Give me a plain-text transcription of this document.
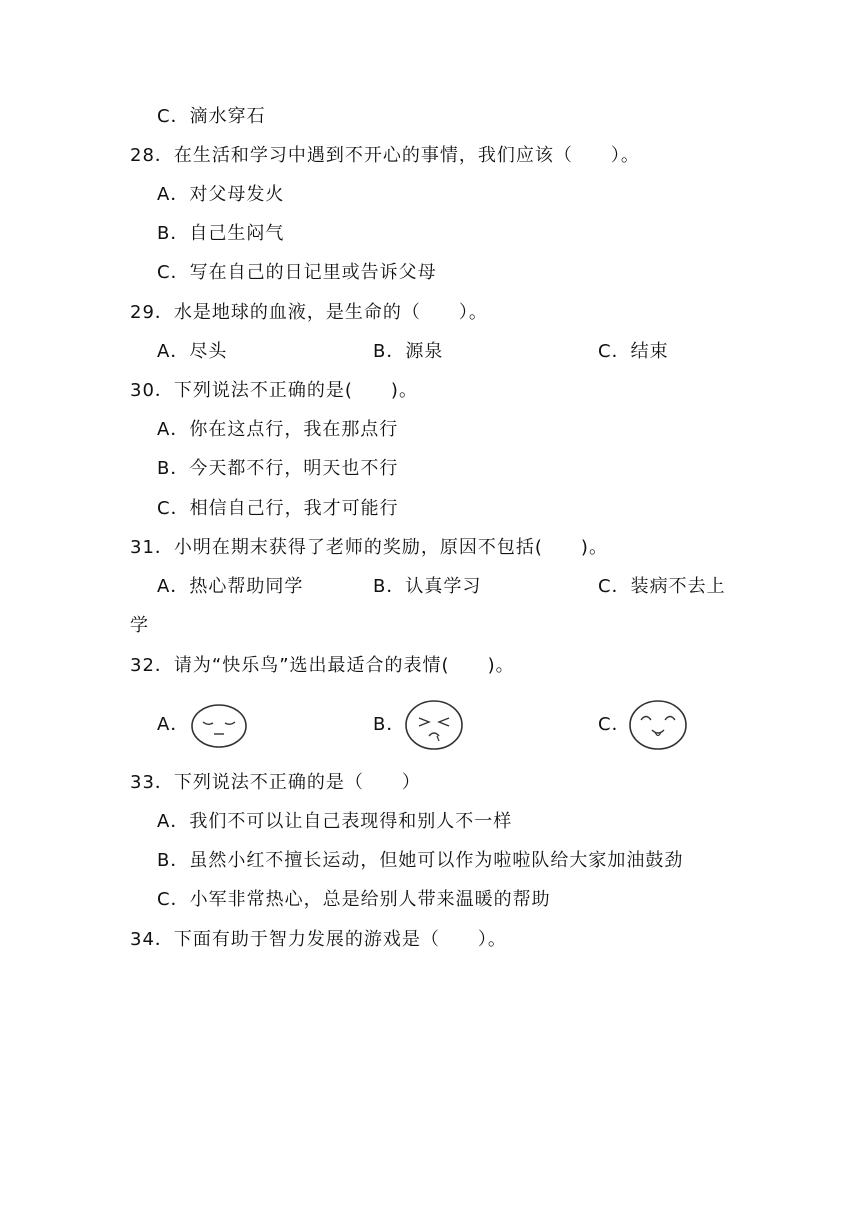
C．滴水穿石
28．在生活和学习中遇到不开心的事情，我们应该（　　）。
A．对父母发火
B．自己生闷气
C．写在自己的日记里或告诉父母
29．水是地球的血液，是生命的（　　）。
A．尽头	B．源泉	C．结束
30．下列说法不正确的是(　　)。
A．你在这点行，我在那点行
B．今天都不行，明天也不行
C．相信自己行，我才可能行
31．小明在期末获得了老师的奖励，原因不包括(　　)。
A．热心帮助同学	B．认真学习	C．装病不去上
学
32．请为“快乐鸟”选出最适合的表情(　　)。
A．	B．	C．
33．下列说法不正确的是（　　）
A．我们不可以让自己表现得和别人不一样
B．虽然小红不擅长运动，但她可以作为啦啦队给大家加油鼓劲
C．小军非常热心，总是给别人带来温暖的帮助
34．下面有助于智力发展的游戏是（　　）。
